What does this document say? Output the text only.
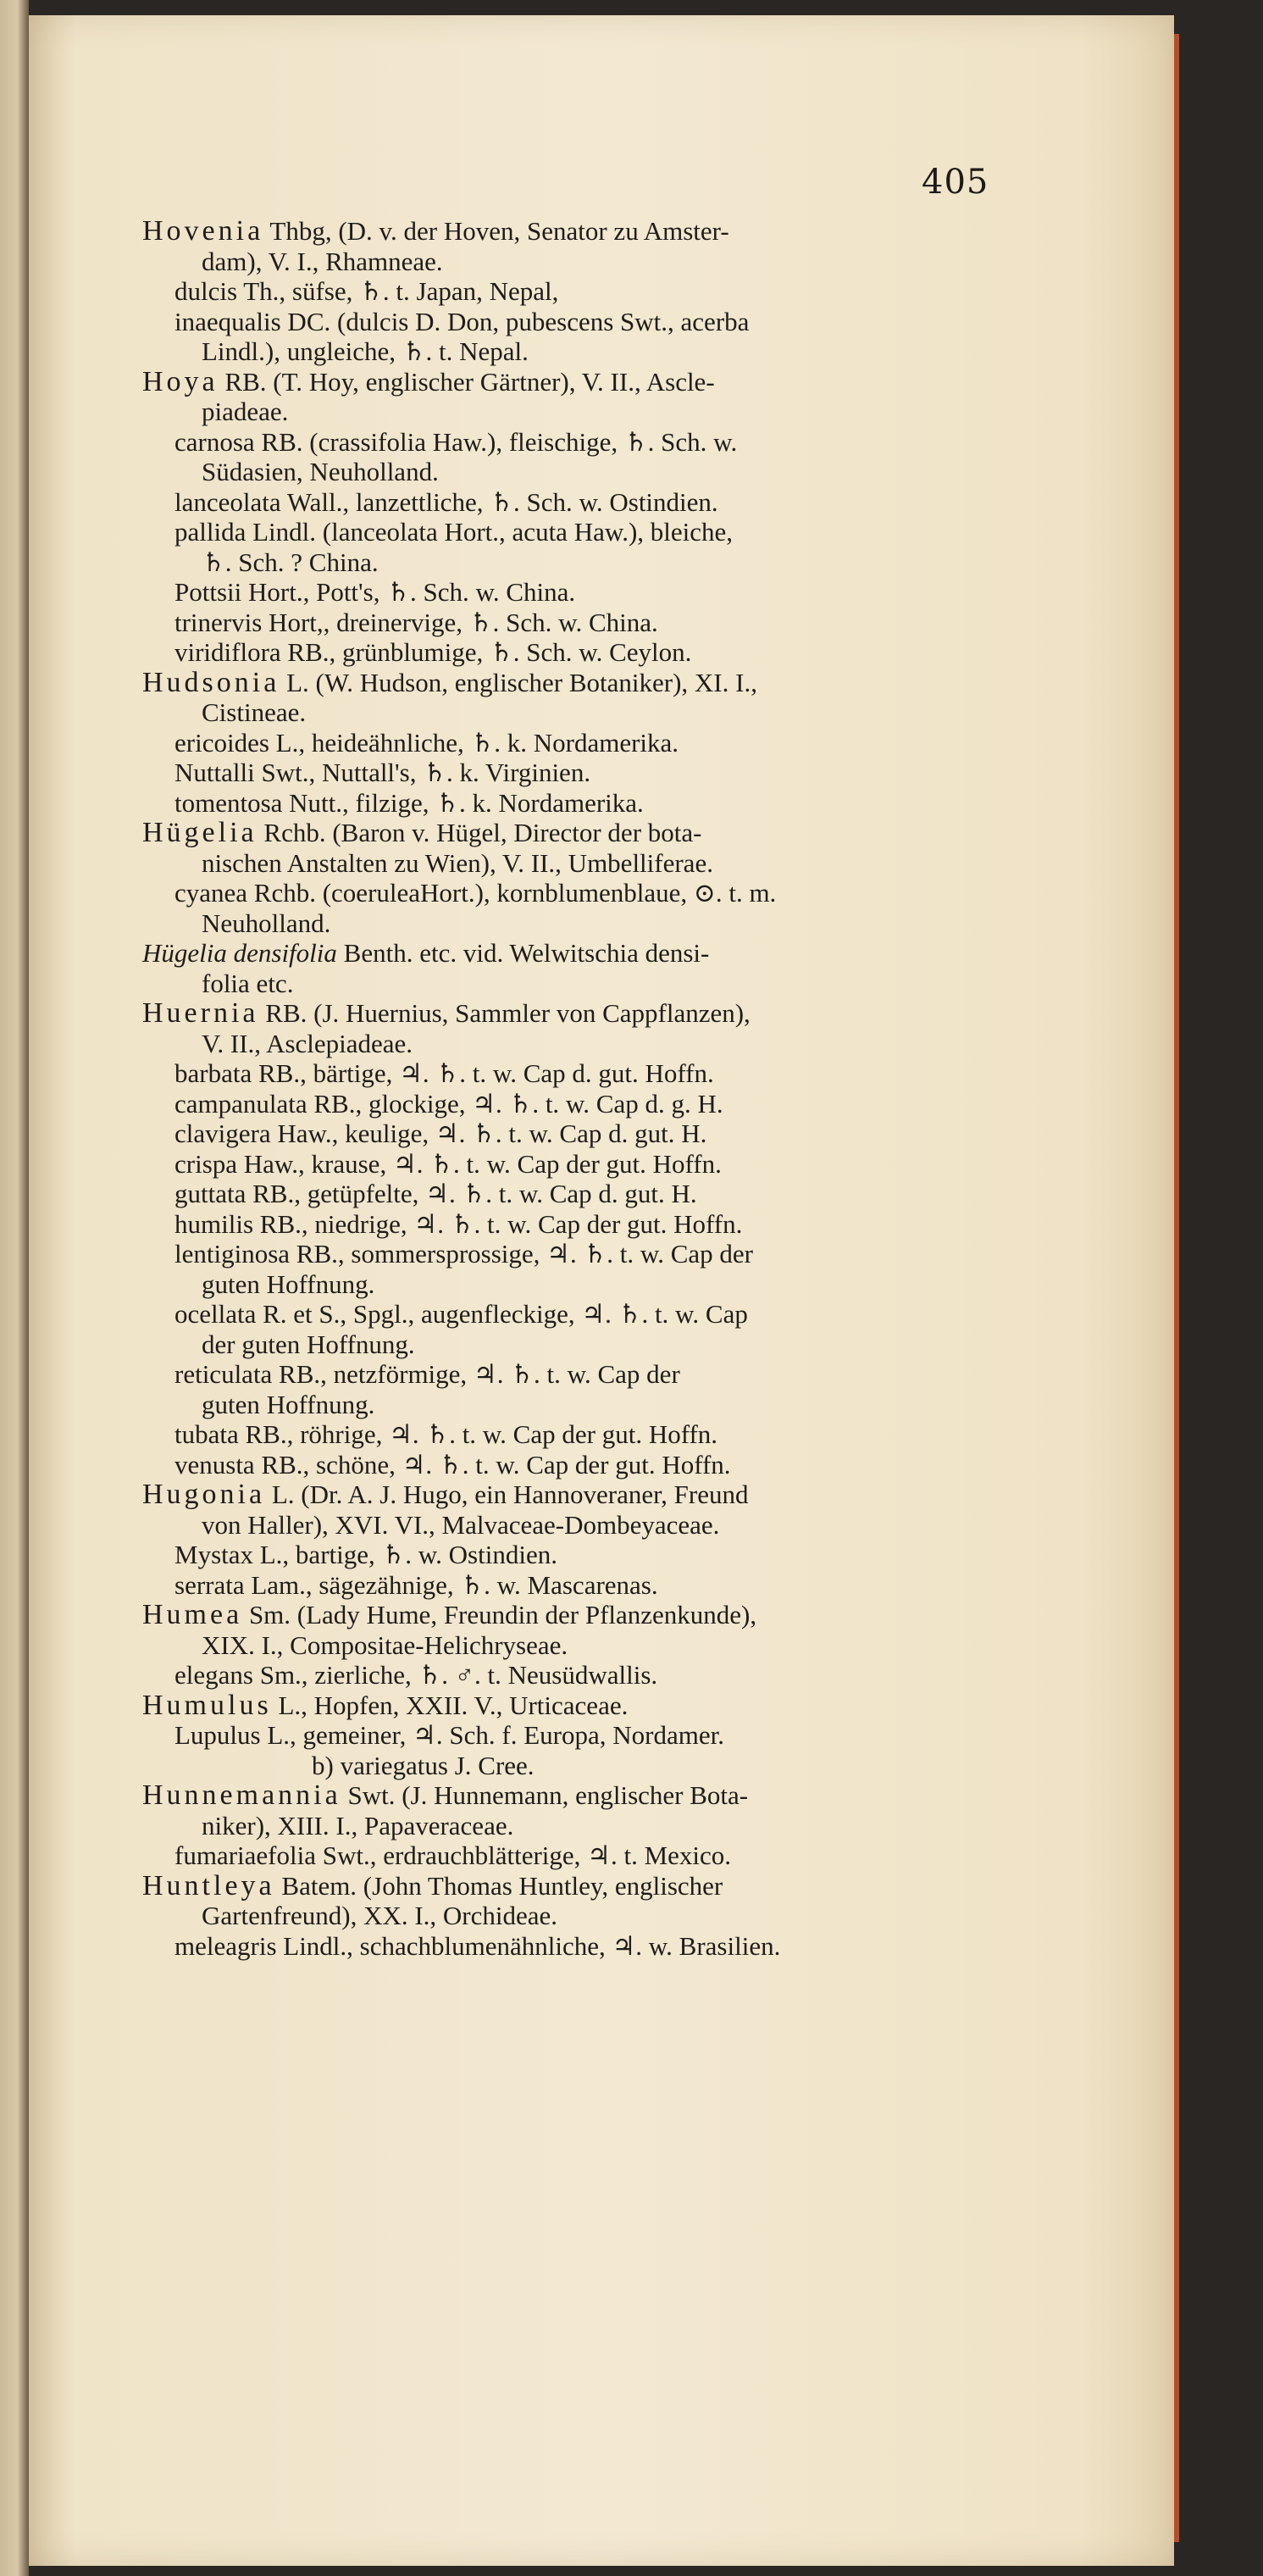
405
Hovenia Thbg, (D. v. der Hoven, Senator zu Amster-
dam), V. I., Rhamneae.
dulcis Th., süfse, ♄. t. Japan, Nepal,
inaequalis DC. (dulcis D. Don, pubescens Swt., acerba
Lindl.), ungleiche, ♄. t. Nepal.
Hoya RB. (T. Hoy, englischer Gärtner), V. II., Ascle-
piadeae.
carnosa RB. (crassifolia Haw.), fleischige, ♄. Sch. w.
Südasien, Neuholland.
lanceolata Wall., lanzettliche, ♄. Sch. w. Ostindien.
pallida Lindl. (lanceolata Hort., acuta Haw.), bleiche,
♄. Sch. ? China.
Pottsii Hort., Pott's, ♄. Sch. w. China.
trinervis Hort,, dreinervige, ♄. Sch. w. China.
viridiflora RB., grünblumige, ♄. Sch. w. Ceylon.
Hudsonia L. (W. Hudson, englischer Botaniker), XI. I.,
Cistineae.
ericoides L., heideähnliche, ♄. k. Nordamerika.
Nuttalli Swt., Nuttall's, ♄. k. Virginien.
tomentosa Nutt., filzige, ♄. k. Nordamerika.
Hügelia Rchb. (Baron v. Hügel, Director der bota-
nischen Anstalten zu Wien), V. II., Umbelliferae.
cyanea Rchb. (coeruleaHort.), kornblumenblaue, ⊙. t. m.
Neuholland.
Hügelia densifolia Benth. etc. vid. Welwitschia densi-
folia etc.
Huernia RB. (J. Huernius, Sammler von Cappflanzen),
V. II., Asclepiadeae.
barbata RB., bärtige, ♃. ♄. t. w. Cap d. gut. Hoffn.
campanulata RB., glockige, ♃. ♄. t. w. Cap d. g. H.
clavigera Haw., keulige, ♃. ♄. t. w. Cap d. gut. H.
crispa Haw., krause, ♃. ♄. t. w. Cap der gut. Hoffn.
guttata RB., getüpfelte, ♃. ♄. t. w. Cap d. gut. H.
humilis RB., niedrige, ♃. ♄. t. w. Cap der gut. Hoffn.
lentiginosa RB., sommersprossige, ♃. ♄. t. w. Cap der
guten Hoffnung.
ocellata R. et S., Spgl., augenfleckige, ♃. ♄. t. w. Cap
der guten Hoffnung.
reticulata RB., netzförmige, ♃. ♄. t. w. Cap der
guten Hoffnung.
tubata RB., röhrige, ♃. ♄. t. w. Cap der gut. Hoffn.
venusta RB., schöne, ♃. ♄. t. w. Cap der gut. Hoffn.
Hugonia L. (Dr. A. J. Hugo, ein Hannoveraner, Freund
von Haller), XVI. VI., Malvaceae-Dombeyaceae.
Mystax L., bartige, ♄. w. Ostindien.
serrata Lam., sägezähnige, ♄. w. Mascarenas.
Humea Sm. (Lady Hume, Freundin der Pflanzenkunde),
XIX. I., Compositae-Helichryseae.
elegans Sm., zierliche, ♄. ♂. t. Neusüdwallis.
Humulus L., Hopfen, XXII. V., Urticaceae.
Lupulus L., gemeiner, ♃. Sch. f. Europa, Nordamer.
b) variegatus J. Cree.
Hunnemannia Swt. (J. Hunnemann, englischer Bota-
niker), XIII. I., Papaveraceae.
fumariaefolia Swt., erdrauchblätterige, ♃. t. Mexico.
Huntleya Batem. (John Thomas Huntley, englischer
Gartenfreund), XX. I., Orchideae.
meleagris Lindl., schachblumenähnliche, ♃. w. Brasilien.
